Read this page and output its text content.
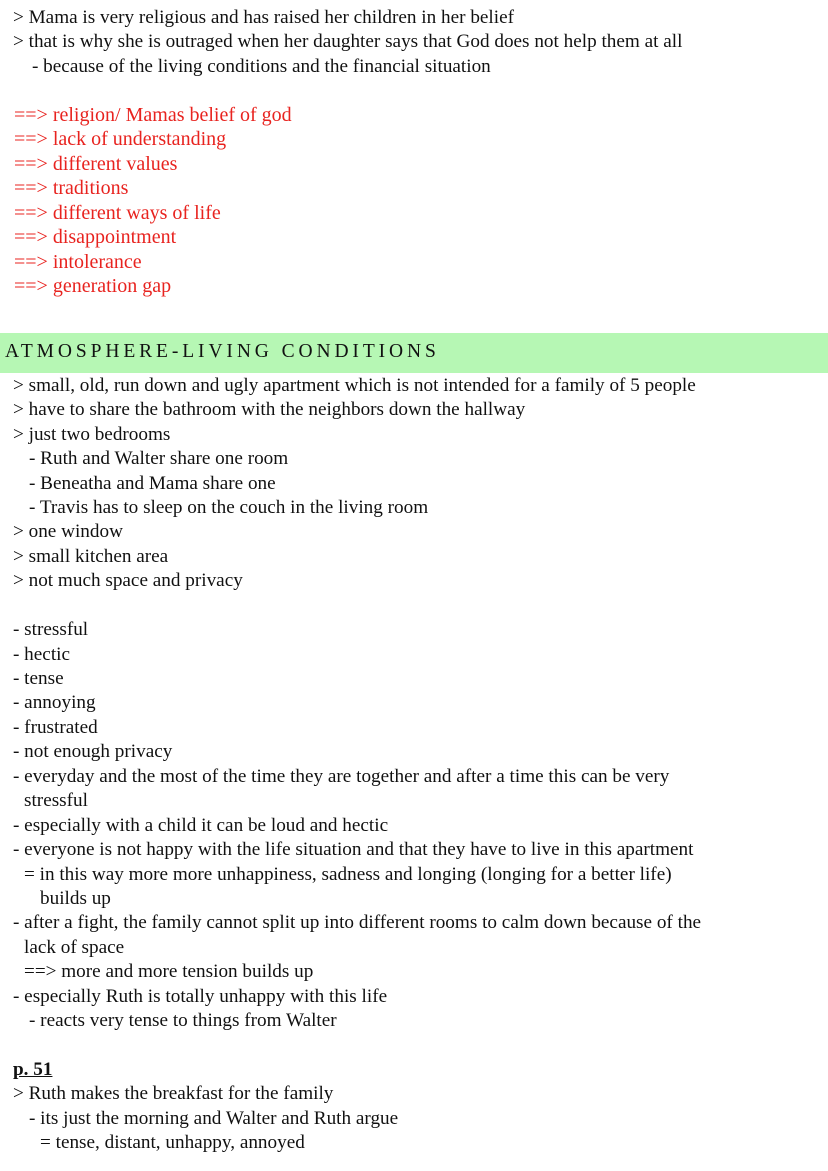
> Mama is very religious and has raised her children in her belief
> that is why she is outraged when her daughter says that God does not help them at all
- because of the living conditions and the financial situation
==> religion/ Mamas belief of god
==> lack of understanding
==> different values
==> traditions
==> different ways of life
==> disappointment
==> intolerance
==> generation gap
ATMOSPHERE-LIVING CONDITIONS
> small, old, run down and ugly apartment which is not intended for a family of 5 people
> have to share the bathroom with the neighbors down the hallway
> just two bedrooms
- Ruth and Walter share one room
- Beneatha and Mama share one
- Travis has to sleep on the couch in the living room
> one window
> small kitchen area
> not much space and privacy
- stressful
- hectic
- tense
- annoying
- frustrated
- not enough privacy
- everyday and the most of the time they are together and after a time this can be very
stressful
- especially with a child it can be loud and hectic
- everyone is not happy with the life situation and that they have to live in this apartment
= in this way more more unhappiness, sadness and longing (longing for a better life)
builds up
- after a fight, the family cannot split up into different rooms to calm down because of the
lack of space
==> more and more tension builds up
- especially Ruth is totally unhappy with this life
- reacts very tense to things from Walter
p. 51
> Ruth makes the breakfast for the family
- its just the morning and Walter and Ruth argue
= tense, distant, unhappy, annoyed
